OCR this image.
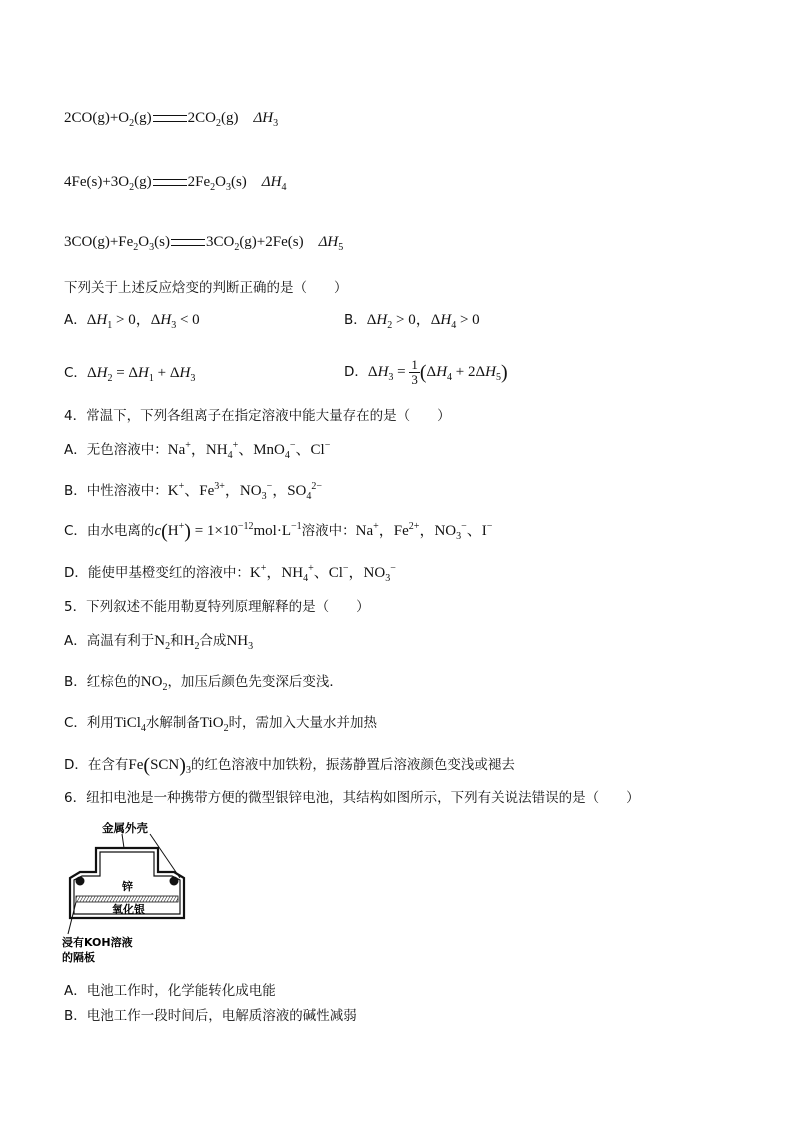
$2CO(g)+O_2(g)$ $2CO_2(g)$    $\Delta H_3$
$4Fe(s)+3O_2(g)$ $2Fe_2O_3(s)$    $\Delta H_4$
$3CO(g)+Fe_2O_3(s)$ $3CO_2(g)+2Fe(s)$    $\Delta H_5$
下列关于上述反应焓变的判断正确的是（　　）
A．$\Delta H_1 > 0$，$\Delta H_3 < 0$	B．$\Delta H_2 > 0$，$\Delta H_4 > 0$
C．$\Delta H_2 = \Delta H_1 + \Delta H_3$	D．$\Delta H_3 = \frac{1}{3} (\Delta H_4 + 2\Delta H_5)$
4．常温下，下列各组离子在指定溶液中能大量存在的是（　　）
A．无色溶液中：Na+，$NH_4^+$、MnO$_4$−、Cl−
B．中性溶液中：K+、$Fe^{3+}$，$NO_3^-$，$SO_4^{2-}$
C．由水电离的$c(H^+) = 1\times 10^{-12}mol\cdot L^{-1}$溶液中：Na+，$Fe^{2+}$，$NO_3^-$、I−
D．能使甲基橙变红的溶液中：K+，$NH_4^+$、Cl−，$NO_3^-$
5．下列叙述不能用勒夏特列原理解释的是（　　）
A．高温有利于$N_2$和$H_2$合成$NH_3$
B．红棕色的$NO_2$，加压后颜色先变深后变浅．
C．利用TiCl$_4$水解制备TiO$_2$时，需加入大量水并加热
D．在含有$Fe(SCN)_3$的红色溶液中加铁粉，振荡静置后溶液颜色变浅或褪去
6．纽扣电池是一种携带方便的微型银锌电池，其结构如图所示，下列有关说法错误的是（　　）
金属外壳
锌
氧化银
浸有KOH溶液
的隔板
A．电池工作时，化学能转化成电能
B．电池工作一段时间后，电解质溶液的碱性减弱
